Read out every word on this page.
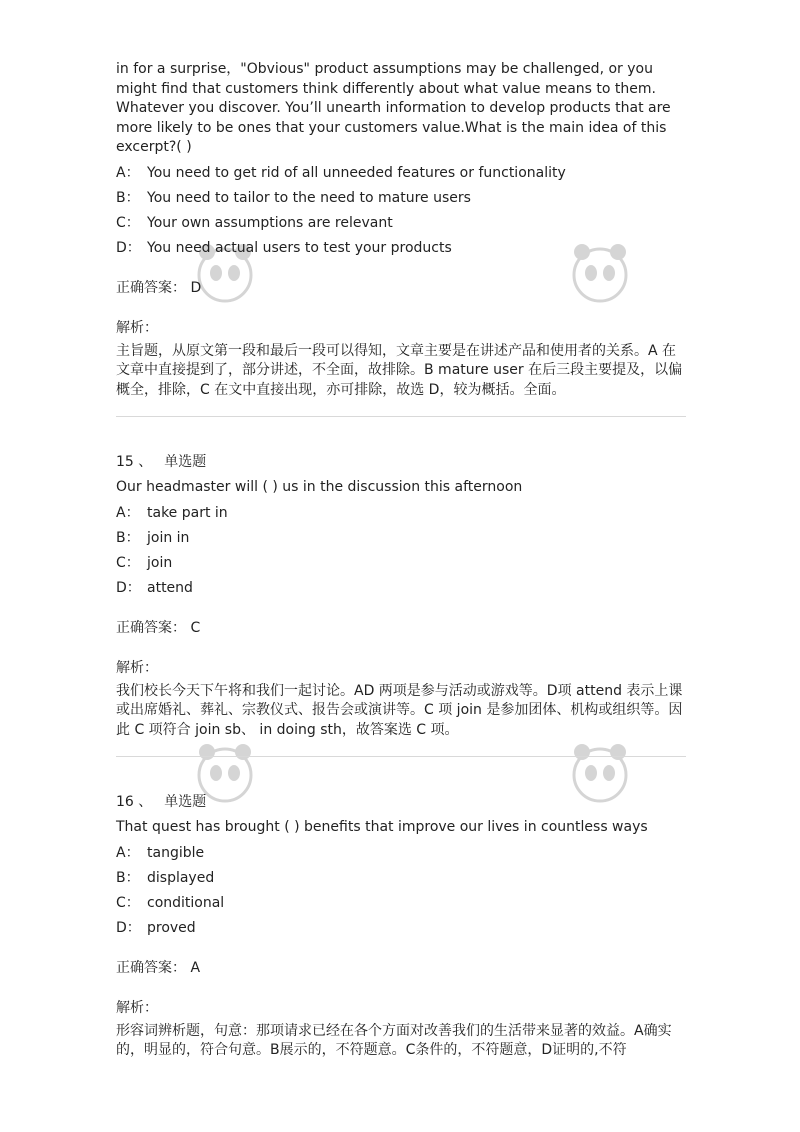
in for a surprise，"Obvious" product assumptions may be challenged, or you might find that customers think differently about what value means to them. Whatever you discover. You’ll unearth information to develop products that are more likely to be ones that your customers value.What is the main idea of this excerpt?( )

A： You need to get rid of all unneeded features or functionality
B： You need to tailor to the need to mature users
C： Your own assumptions are relevant
D： You need actual users to test your products

正确答案： D

解析：

主旨题，从原文第一段和最后一段可以得知，文章主要是在讲述产品和使用者的关系。A 在文章中直接提到了，部分讲述，不全面，故排除。B mature user 在后三段主要提及，以偏概全，排除，C 在文中直接出现，亦可排除，故选 D，较为概括。全面。

15 、 单选题

Our headmaster will ( ) us in the discussion this afternoon

A： take part in
B： join in
C： join
D： attend

正确答案： C

解析：

我们校长今天下午将和我们一起讨论。AD 两项是参与活动或游戏等。D项 attend 表示上课或出席婚礼、葬礼、宗教仪式、报告会或演讲等。C 项 join 是参加团体、机构或组织等。因此 C 项符合 join sb、 in doing sth，故答案选 C 项。

16 、 单选题

That quest has brought ( ) benefits that improve our lives in countless ways

A： tangible
B： displayed
C： conditional
D： proved

正确答案： A

解析：

形容词辨析题，句意：那项请求已经在各个方面对改善我们的生活带来显著的效益。A确实的，明显的，符合句意。B展示的，不符题意。C条件的，不符题意，D证明的,不符
